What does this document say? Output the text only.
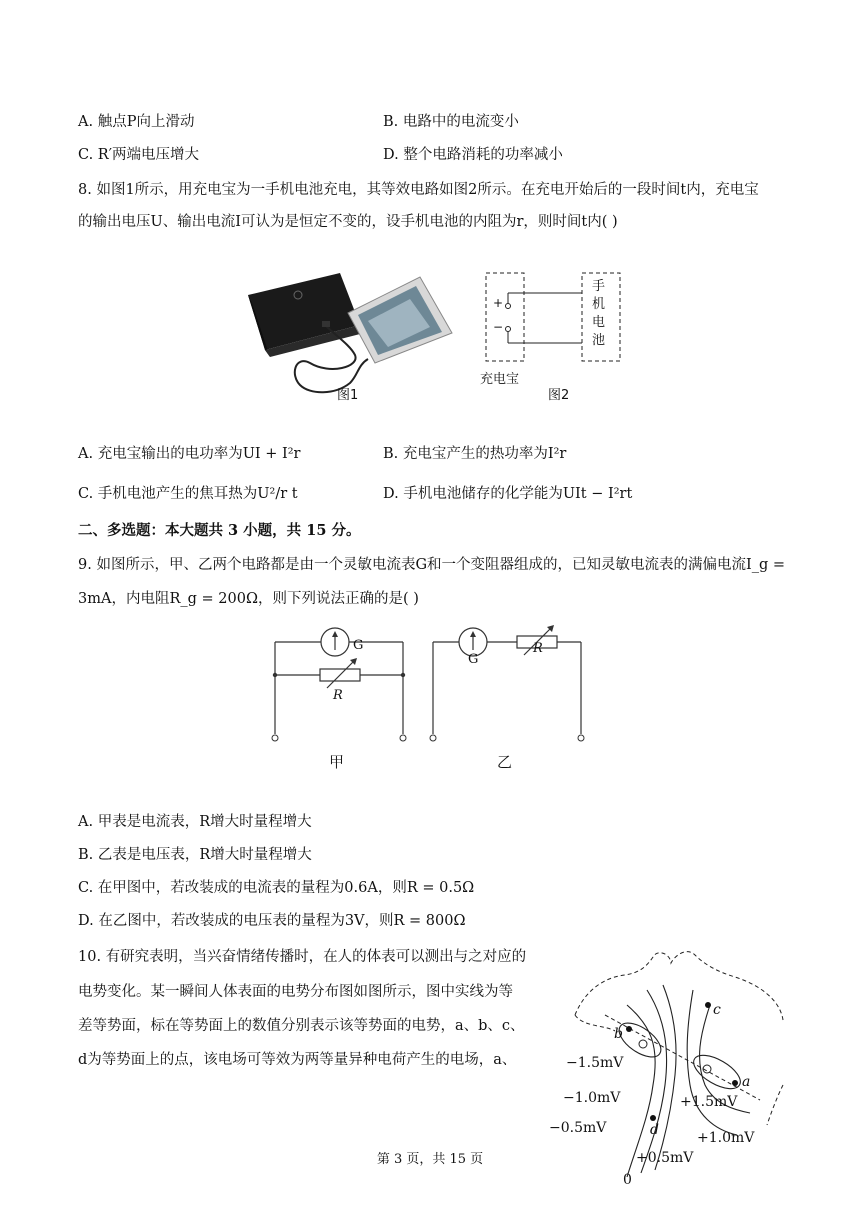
A. 触点P向上滑动	B. 电路中的电流变小
C. R′两端电压增大	D. 整个电路消耗的功率减小
8. 如图1所示，用充电宝为一手机电池充电，其等效电路如图2所示。在充电开始后的一段时间t内，充电宝
的输出电压U、输出电流I可认为是恒定不变的，设手机电池的内阻为r，则时间t内( )
图1
+
−
手机电池
充电宝
图2
A. 充电宝输出的电功率为UI + I²r	B. 充电宝产生的热功率为I²r
C. 手机电池产生的焦耳热为U²/r t	D. 手机电池储存的化学能为UIt − I²rt
二、多选题：本大题共 3 小题，共 15 分。
9. 如图所示，甲、乙两个电路都是由一个灵敏电流表G和一个变阻器组成的，已知灵敏电流表的满偏电流I_g =
3mA，内电阻R_g = 200Ω，则下列说法正确的是( )
G
R
G
R
甲	乙
A. 甲表是电流表，R增大时量程增大
B. 乙表是电压表，R增大时量程增大
C. 在甲图中，若改装成的电流表的量程为0.6A，则R = 0.5Ω
D. 在乙图中，若改装成的电压表的量程为3V，则R = 800Ω
10. 有研究表明，当兴奋情绪传播时，在人的体表可以测出与之对应的
电势变化。某一瞬间人体表面的电势分布图如图所示，图中实线为等
差等势面，标在等势面上的数值分别表示该等势面的电势，a、b、c、
d为等势面上的点，该电场可等效为两等量异种电荷产生的电场，a、	−1.5mV
−1.0mV
−0.5mV
+1.5mV
+1.0mV
+0.5mV
0
a
b
c
d
第 3 页，共 15 页
